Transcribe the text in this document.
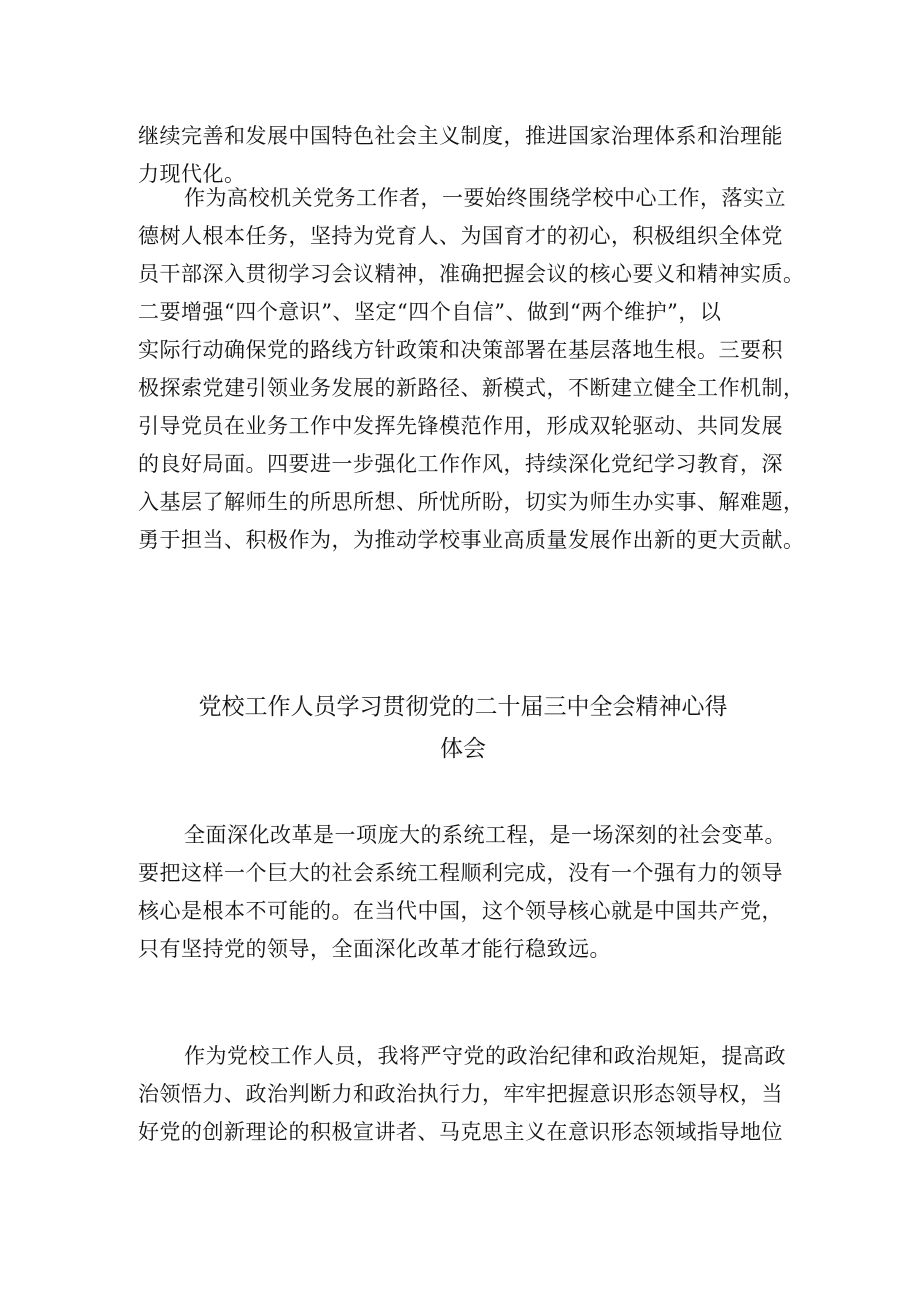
继续完善和发展中国特色社会主义制度，推进国家治理体系和治理能
力现代化。
作为高校机关党务工作者，一要始终围绕学校中心工作，落实立
德树人根本任务，坚持为党育人、为国育才的初心，积极组织全体党
员干部深入贯彻学习会议精神，准确把握会议的核心要义和精神实质。
二要增强“四个意识”、坚定“四个自信”、做到“两个维护”，以
实际行动确保党的路线方针政策和决策部署在基层落地生根。三要积
极探索党建引领业务发展的新路径、新模式，不断建立健全工作机制，
引导党员在业务工作中发挥先锋模范作用，形成双轮驱动、共同发展
的良好局面。四要进一步强化工作作风，持续深化党纪学习教育，深
入基层了解师生的所思所想、所忧所盼，切实为师生办实事、解难题，
勇于担当、积极作为，为推动学校事业高质量发展作出新的更大贡献。
党校工作人员学习贯彻党的二十届三中全会精神心得
体会
全面深化改革是一项庞大的系统工程，是一场深刻的社会变革。
要把这样一个巨大的社会系统工程顺利完成，没有一个强有力的领导
核心是根本不可能的。在当代中国，这个领导核心就是中国共产党，
只有坚持党的领导，全面深化改革才能行稳致远。
作为党校工作人员，我将严守党的政治纪律和政治规矩，提高政
治领悟力、政治判断力和政治执行力，牢牢把握意识形态领导权，当
好党的创新理论的积极宣讲者、马克思主义在意识形态领域指导地位
